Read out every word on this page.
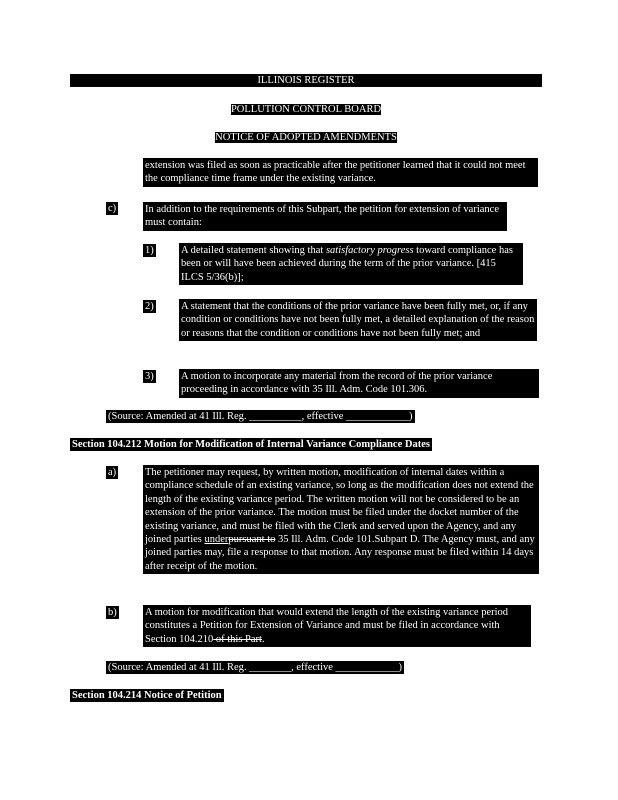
ILLINOIS REGISTER
POLLUTION CONTROL BOARD
NOTICE OF ADOPTED AMENDMENTS
extension was filed as soon as practicable after the petitioner learned that it could not meet the compliance time frame under the existing variance.
c)	In addition to the requirements of this Subpart, the petition for extension of variance must contain:
1)	A detailed statement showing that satisfactory progress toward compliance has been or will have been achieved during the term of the prior variance. [415 ILCS 5/36(b)];
2)	A statement that the conditions of the prior variance have been fully met, or, if any condition or conditions have not been fully met, a detailed explanation of the reason or reasons that the condition or conditions have not been fully met; and
3)	A motion to incorporate any material from the record of the prior variance proceeding in accordance with 35 Ill. Adm. Code 101.306.
(Source: Amended at 41 Ill. Reg. __________, effective ____________)
Section 104.212 Motion for Modification of Internal Variance Compliance Dates
a)	The petitioner may request, by written motion, modification of internal dates within a compliance schedule of an existing variance, so long as the modification does not extend the length of the existing variance period. The written motion will not be considered to be an extension of the prior variance. The motion must be filed under the docket number of the existing variance, and must be filed with the Clerk and served upon the Agency, and any joined parties underpursuant to 35 Ill. Adm. Code 101.Subpart D. The Agency must, and any joined parties may, file a response to that motion. Any response must be filed within 14 days after receipt of the motion.
b)	A motion for modification that would extend the length of the existing variance period constitutes a Petition for Extension of Variance and must be filed in accordance with Section 104.210 of this Part.
(Source: Amended at 41 Ill. Reg. ________, effective ____________)
Section 104.214 Notice of Petition
